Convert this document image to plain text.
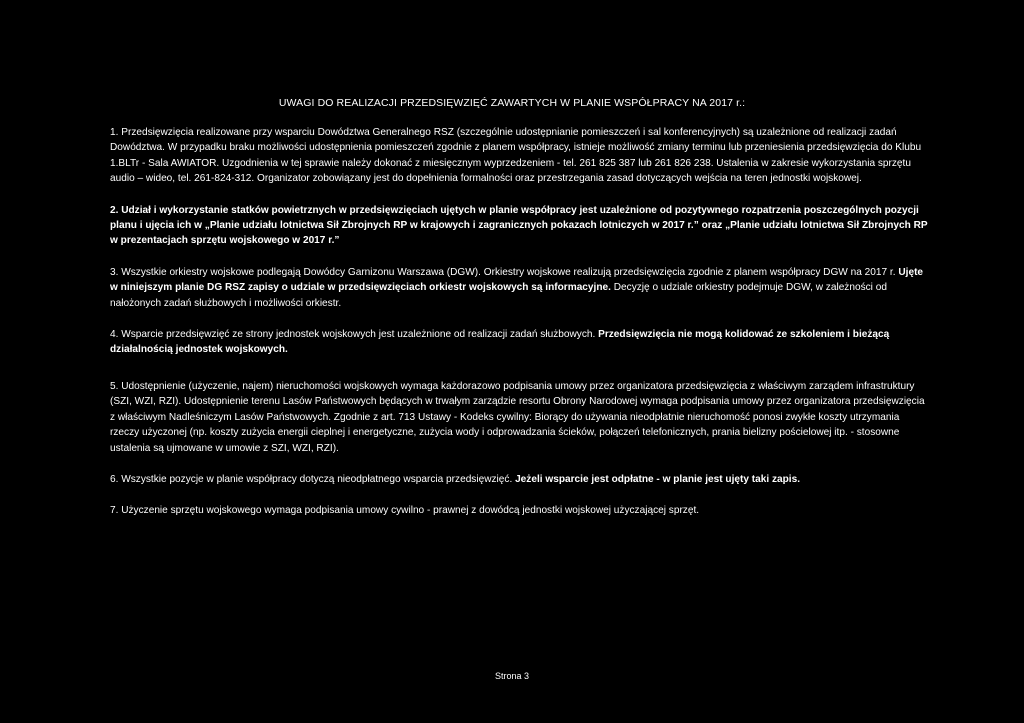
UWAGI DO REALIZACJI PRZEDSIĘWZIĘĆ ZAWARTYCH W PLANIE WSPÓŁPRACY NA 2017 r.:

1. Przedsięwzięcia realizowane przy wsparciu Dowództwa Generalnego RSZ (szczególnie udostępnianie pomieszczeń i sal konferencyjnych) są uzależnione od realizacji zadań Dowództwa. W przypadku braku możliwości udostępnienia pomieszczeń zgodnie z planem współpracy, istnieje możliwość zmiany terminu lub przeniesienia przedsięwzięcia do Klubu 1.BLTr - Sala AWIATOR. Uzgodnienia w tej sprawie należy dokonać z miesięcznym wyprzedzeniem - tel. 261 825 387 lub 261 826 238. Ustalenia w zakresie wykorzystania sprzętu audio – wideo, tel. 261-824-312. Organizator zobowiązany jest do dopełnienia formalności oraz przestrzegania zasad dotyczących wejścia na teren jednostki wojskowej.

2. Udział i wykorzystanie statków powietrznych w przedsięwzięciach ujętych w planie współpracy jest uzależnione od pozytywnego rozpatrzenia poszczególnych pozycji planu i ujęcia ich w „Planie udziału lotnictwa Sił Zbrojnych RP w krajowych i zagranicznych pokazach lotniczych w 2017 r.” oraz „Planie udziału lotnictwa Sił Zbrojnych RP w prezentacjach sprzętu wojskowego w 2017 r.”

3. Wszystkie orkiestry wojskowe podlegają Dowódcy Garnizonu Warszawa (DGW). Orkiestry wojskowe realizują przedsięwzięcia zgodnie z planem współpracy DGW na 2017 r. Ujęte w niniejszym planie DG RSZ zapisy o udziale w przedsięwzięciach orkiestr wojskowych są informacyjne. Decyzję o udziale orkiestry podejmuje DGW, w zależności od nałożonych zadań służbowych i możliwości orkiestr.

4. Wsparcie przedsięwzięć ze strony jednostek wojskowych jest uzależnione od realizacji zadań służbowych. Przedsięwzięcia nie mogą kolidować ze szkoleniem i bieżącą działalnością jednostek wojskowych.

5. Udostępnienie (użyczenie, najem) nieruchomości wojskowych wymaga każdorazowo podpisania umowy przez organizatora przedsięwzięcia z właściwym zarządem infrastruktury (SZI, WZI, RZI). Udostępnienie terenu Lasów Państwowych będących w trwałym zarządzie resortu Obrony Narodowej wymaga podpisania umowy przez organizatora przedsięwzięcia z właściwym Nadleśniczym Lasów Państwowych. Zgodnie z art. 713 Ustawy - Kodeks cywilny: Biorący do używania nieodpłatnie nieruchomość ponosi zwykłe koszty utrzymania rzeczy użyczonej (np. koszty zużycia energii cieplnej i energetyczne, zużycia wody i odprowadzania ścieków, połączeń telefonicznych, prania bielizny pościelowej itp. - stosowne ustalenia są ujmowane w umowie z SZI, WZI, RZI).

6. Wszystkie pozycje w planie współpracy dotyczą nieodpłatnego wsparcia przedsięwzięć. Jeżeli wsparcie jest odpłatne - w planie jest ujęty taki zapis.

7. Użyczenie sprzętu wojskowego wymaga podpisania umowy cywilno - prawnej z dowódcą jednostki wojskowej użyczającej sprzęt.

Strona 3
